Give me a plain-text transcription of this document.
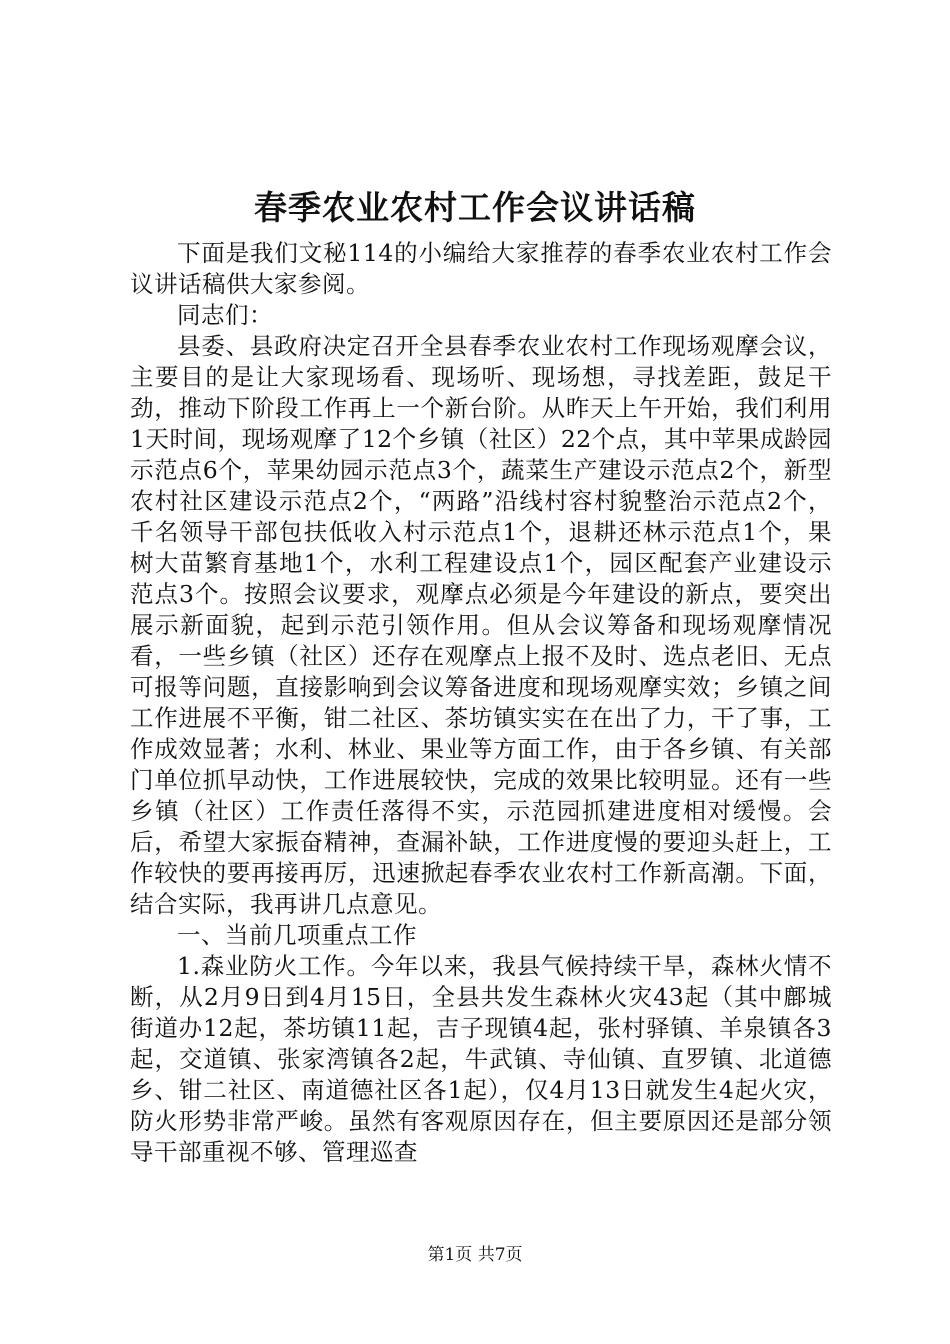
春季农业农村工作会议讲话稿

下面是我们文秘114的小编给大家推荐的春季农业农村工作会议讲话稿供大家参阅。

同志们：

县委、县政府决定召开全县春季农业农村工作现场观摩会议，主要目的是让大家现场看、现场听、现场想，寻找差距，鼓足干劲，推动下阶段工作再上一个新台阶。从昨天上午开始，我们利用1天时间，现场观摩了12个乡镇（社区）22个点，其中苹果成龄园示范点6个，苹果幼园示范点3个，蔬菜生产建设示范点2个，新型农村社区建设示范点2个，“两路”沿线村容村貌整治示范点2个，千名领导干部包扶低收入村示范点1个，退耕还林示范点1个，果树大苗繁育基地1个，水利工程建设点1个，园区配套产业建设示范点3个。按照会议要求，观摩点必须是今年建设的新点，要突出展示新面貌，起到示范引领作用。但从会议筹备和现场观摩情况看，一些乡镇（社区）还存在观摩点上报不及时、选点老旧、无点可报等问题，直接影响到会议筹备进度和现场观摩实效；乡镇之间工作进展不平衡，钳二社区、茶坊镇实实在在出了力，干了事，工作成效显著；水利、林业、果业等方面工作，由于各乡镇、有关部门单位抓早动快，工作进展较快，完成的效果比较明显。还有一些乡镇（社区）工作责任落得不实，示范园抓建进度相对缓慢。会后，希望大家振奋精神，查漏补缺，工作进度慢的要迎头赶上，工作较快的要再接再厉，迅速掀起春季农业农村工作新高潮。下面，结合实际，我再讲几点意见。

一、当前几项重点工作

1.森业防火工作。今年以来，我县气候持续干旱，森林火情不断，从2月9日到4月15日，全县共发生森林火灾43起（其中鄜城街道办12起，茶坊镇11起，吉子现镇4起，张村驿镇、羊泉镇各3起，交道镇、张家湾镇各2起，牛武镇、寺仙镇、直罗镇、北道德乡、钳二社区、南道德社区各1起），仅4月13日就发生4起火灾，防火形势非常严峻。虽然有客观原因存在，但主要原因还是部分领导干部重视不够、管理巡查

第1页 共7页
